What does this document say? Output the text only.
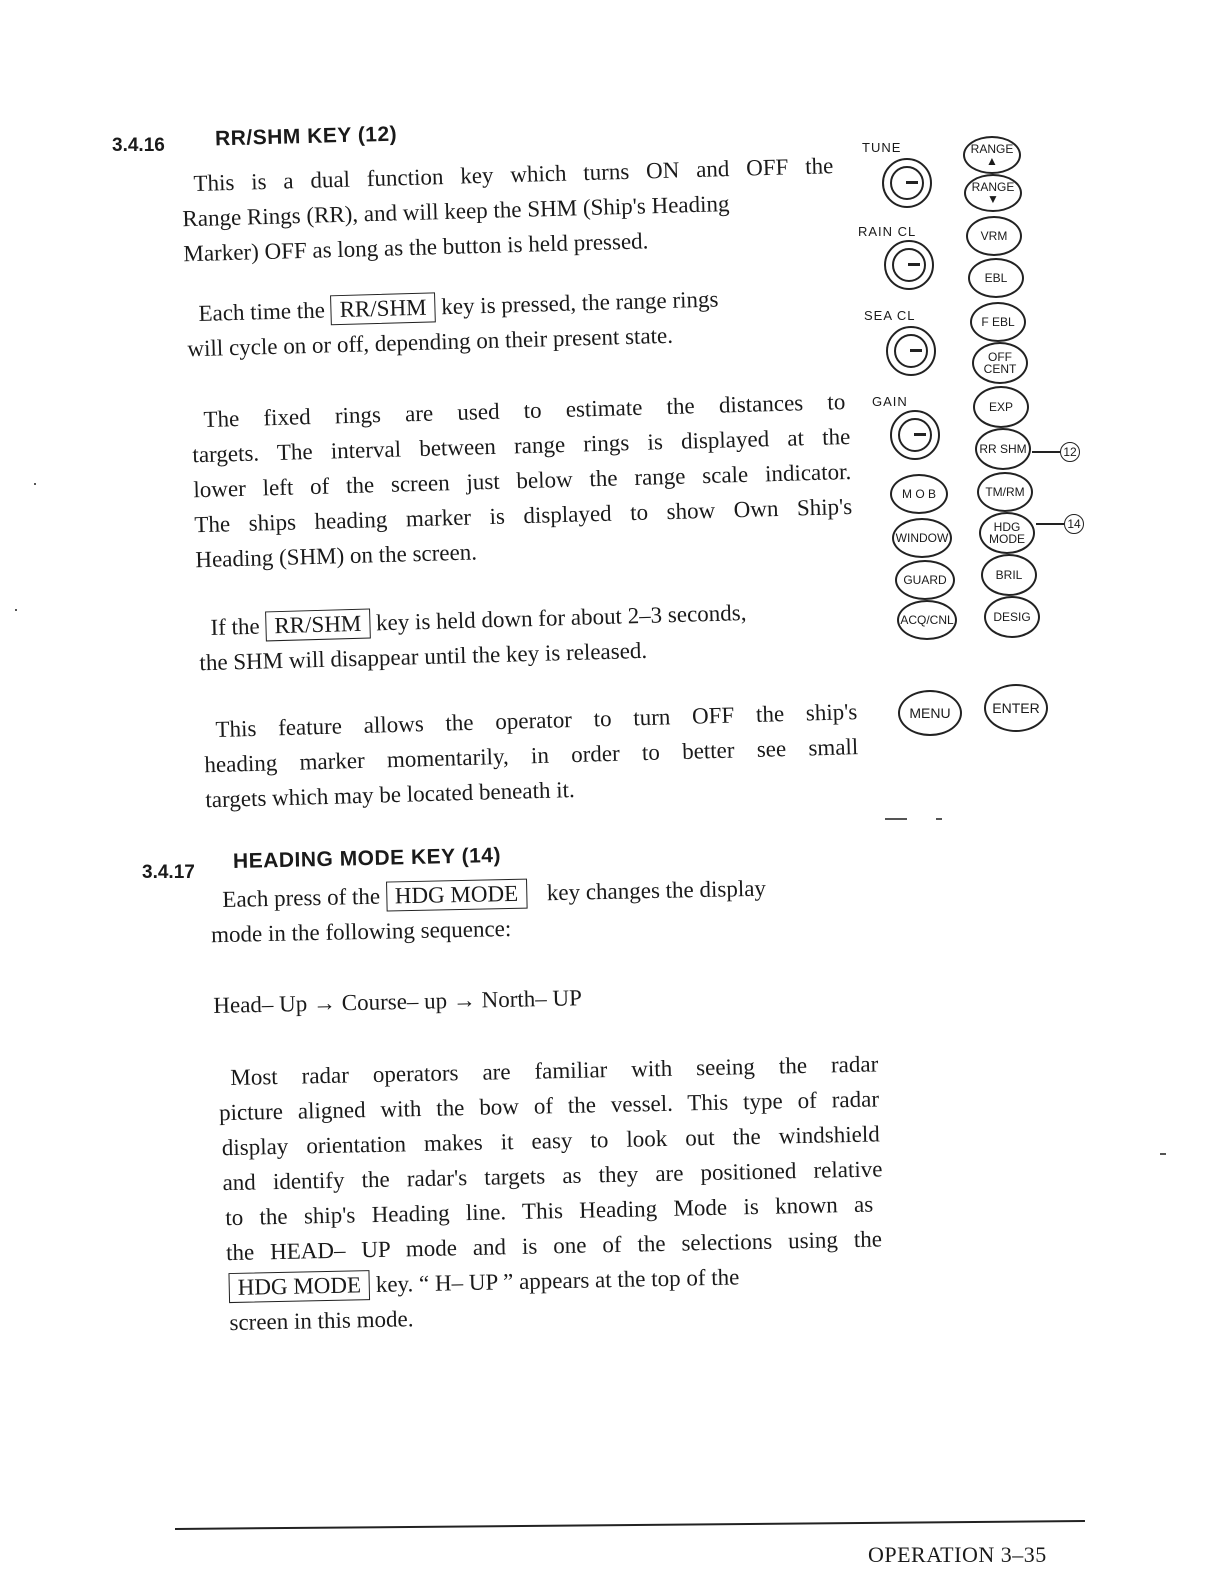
3.4.16 RR/SHM KEY (12)
This is a dual function key which turns ON and OFF the
Range Rings (RR), and will keep the SHM (Ship's Heading
Marker) OFF as long as the button is held pressed.
Each time the RR/SHM key is pressed, the range rings
will cycle on or off, depending on their present state.
The fixed rings are used to estimate the distances to
targets. The interval between range rings is displayed at the
lower left of the screen just below the range scale indicator.
The ships heading marker is displayed to show Own Ship's
Heading (SHM) on the screen.
If the RR/SHM key is held down for about 2–3 seconds,
the SHM will disappear until the key is released.
This feature allows the operator to turn OFF the ship's
heading marker momentarily, in order to better see small
targets which may be located beneath it.
3.4.17 HEADING MODE KEY (14)
Each press of the HDG MODE key changes the display
mode in the following sequence:
Head– Up → Course– up → North– UP
Most radar operators are familiar with seeing the radar
picture aligned with the bow of the vessel. This type of radar
display orientation makes it easy to look out the windshield
and identify the radar's targets as they are positioned relative
to the ship's Heading line. This Heading Mode is known as
the HEAD– UP mode and is one of the selections using the
HDG MODE key. “ H– UP ” appears at the top of the
screen in this mode.
TUNE
RAIN CL
SEA CL
GAIN
RANGE ▲
RANGE ▼
VRM
EBL
F EBL
OFF CENT
EXP
RR SHM
TM/RM
HDG MODE
BRIL
DESIG
M O B
WINDOW
GUARD
ACQ/CNL
MENU	ENTER
12
14
OPERATION 3–35
